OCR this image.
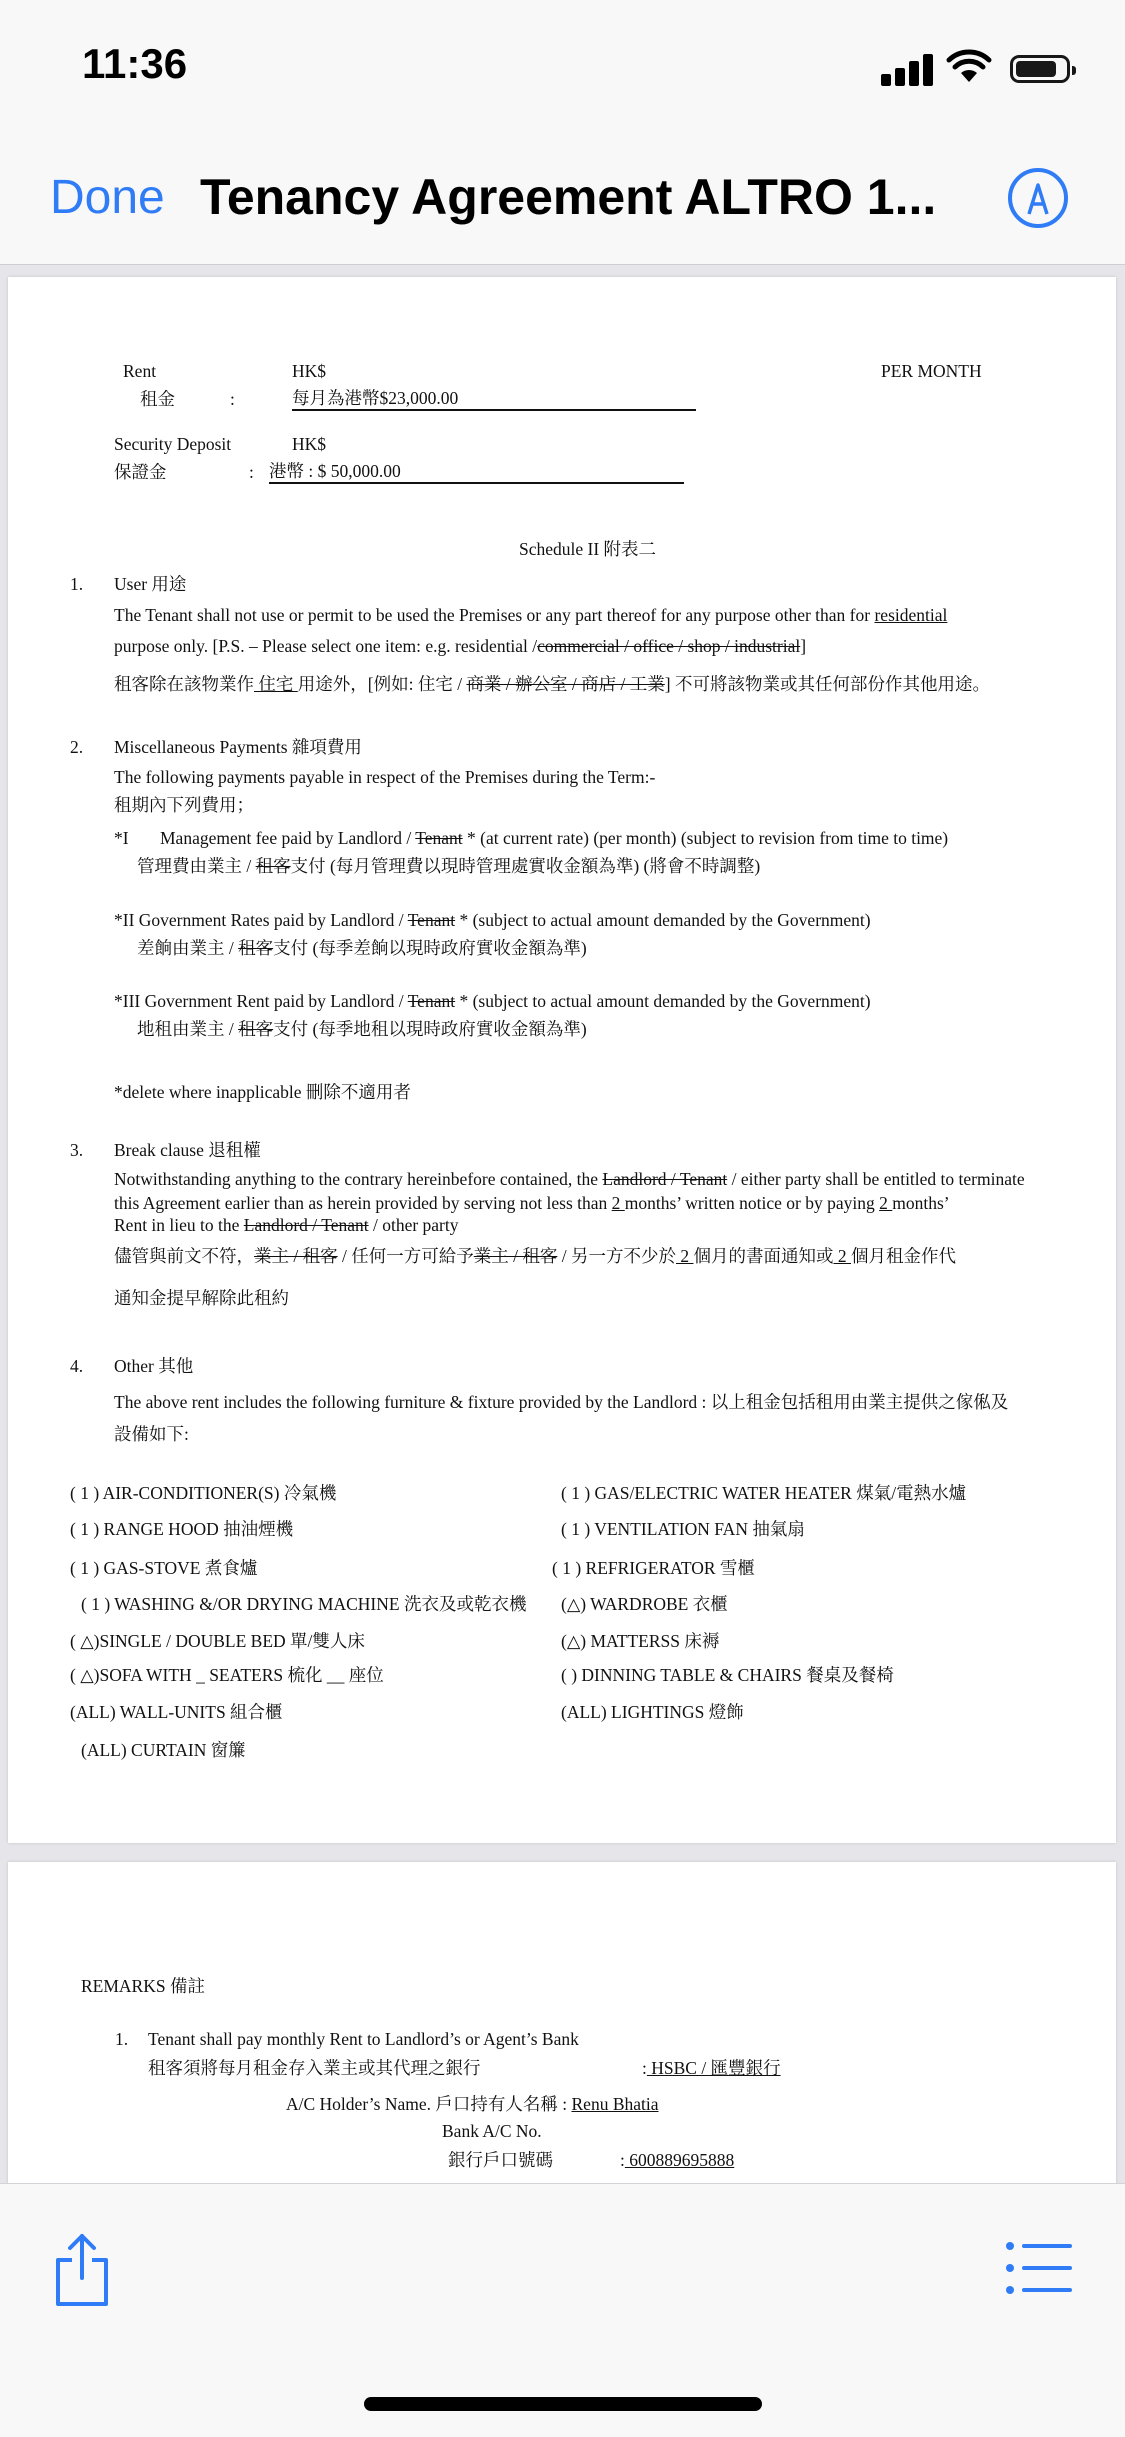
11:36
Done Tenancy Agreement ALTRO 1...
Rent	HK$	PER MONTH
租金	:	每月為港幣$23,000.00
Security Deposit	HK$
保證金	: 港幣 : $ 50,000.00
Schedule II 附表二
1. User 用途
The Tenant shall not use or permit to be used the Premises or any part thereof for any purpose other than for residential
purpose only. [P.S. – Please select one item: e.g. residential /commercial / office / shop / industrial]
租客除在該物業作 住宅 用途外，[例如: 住宅 / 商業 / 辦公室 / 商店 / 工業] 不可將該物業或其任何部份作其他用途。
2. Miscellaneous Payments 雜項費用
The following payments payable in respect of the Premises during the Term:-
租期內下列費用；
*I Management fee paid by Landlord / Tenant * (at current rate) (per month) (subject to revision from time to time)
管理費由業主 / 租客支付 (每月管理費以現時管理處實收金額為準) (將會不時調整)
*II Government Rates paid by Landlord / Tenant * (subject to actual amount demanded by the Government)
差餉由業主 / 租客支付 (每季差餉以現時政府實收金額為準)
*III Government Rent paid by Landlord / Tenant * (subject to actual amount demanded by the Government)
地租由業主 / 租客支付 (每季地租以現時政府實收金額為準)
*delete where inapplicable 刪除不適用者
3. Break clause 退租權
Notwithstanding anything to the contrary hereinbefore contained, the Landlord / Tenant / either party shall be entitled to terminate
this Agreement earlier than as herein provided by serving not less than 2 months’ written notice or by paying 2 months’
Rent in lieu to the Landlord / Tenant / other party
儘管與前文不符，業主 / 租客 / 任何一方可給予業主 / 租客 / 另一方不少於 2 個月的書面通知或 2 個月租金作代
通知金提早解除此租約
4. Other 其他
The above rent includes the following furniture & fixture provided by the Landlord : 以上租金包括租用由業主提供之傢俬及
設備如下:
( 1 ) AIR-CONDITIONER(S) 冷氣機	( 1 ) GAS/ELECTRIC WATER HEATER 煤氣/電熱水爐
( 1 ) RANGE HOOD 抽油煙機	( 1 ) VENTILATION FAN 抽氣扇
( 1 ) GAS-STOVE 煮食爐	( 1 ) REFRIGERATOR 雪櫃
( 1 ) WASHING &/OR DRYING MACHINE 洗衣及或乾衣機 (△) WARDROBE 衣櫃
( △)SINGLE / DOUBLE BED 單/雙人床	(△) MATTERSS 床褥
( △)SOFA WITH _ SEATERS 梳化 __ 座位	( ) DINNING TABLE & CHAIRS 餐桌及餐椅
(ALL) WALL-UNITS 組合櫃	(ALL) LIGHTINGS 燈飾
(ALL) CURTAIN 窗簾
REMARKS 備註
1. Tenant shall pay monthly Rent to Landlord’s or Agent’s Bank
租客須將每月租金存入業主或其代理之銀行	: HSBC / 匯豐銀行
A/C Holder’s Name. 戶口持有人名稱 : Renu Bhatia
Bank A/C No.
銀行戶口號碼	: 600889695888
